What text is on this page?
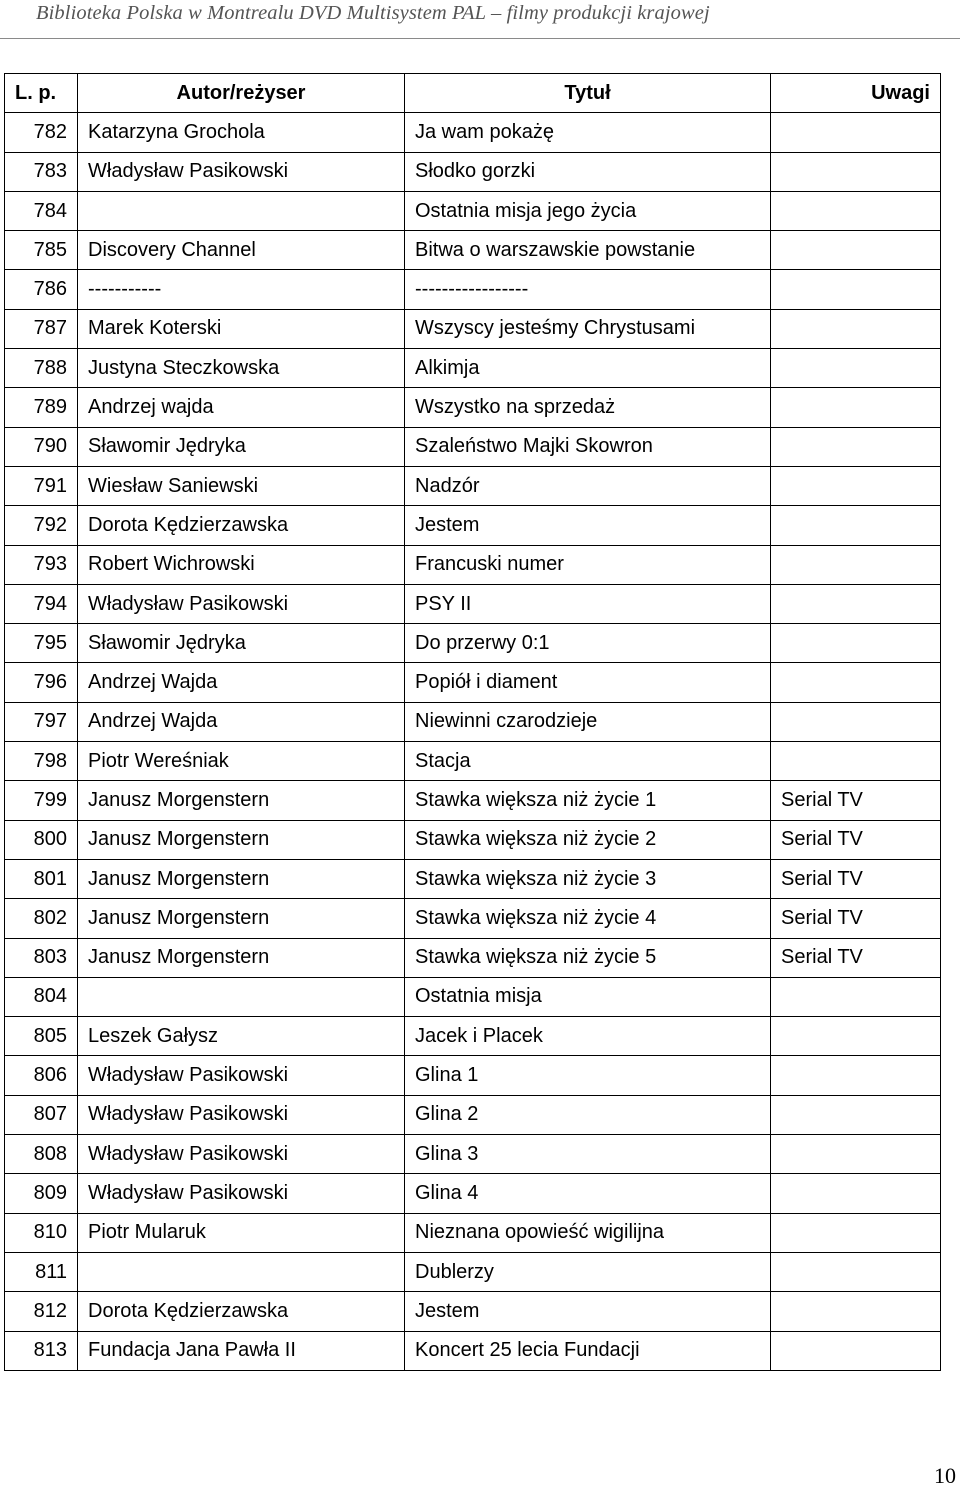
Biblioteka Polska w Montrealu DVD Multisystem PAL – filmy produkcji krajowej
L. p.	Autor/reżyser	Tytuł	Uwagi
782	Katarzyna Grochola	Ja wam pokażę	
783	Władysław Pasikowski	Słodko gorzki	
784		Ostatnia misja jego życia	
785	Discovery Channel	Bitwa o warszawskie powstanie	
786	-----------	-----------------	
787	Marek Koterski	Wszyscy jesteśmy Chrystusami	
788	Justyna Steczkowska	Alkimja	
789	Andrzej wajda	Wszystko na sprzedaż	
790	Sławomir Jędryka	Szaleństwo Majki Skowron	
791	Wiesław Saniewski	Nadzór	
792	Dorota Kędzierzawska	Jestem	
793	Robert Wichrowski	Francuski numer	
794	Władysław Pasikowski	PSY II	
795	Sławomir Jędryka	Do przerwy 0:1	
796	Andrzej Wajda	Popiół i diament	
797	Andrzej Wajda	Niewinni czarodzieje	
798	Piotr Wereśniak	Stacja	
799	Janusz Morgenstern	Stawka większa niż życie 1	Serial TV
800	Janusz Morgenstern	Stawka większa niż życie 2	Serial TV
801	Janusz Morgenstern	Stawka większa niż życie 3	Serial TV
802	Janusz Morgenstern	Stawka większa niż życie 4	Serial TV
803	Janusz Morgenstern	Stawka większa niż życie 5	Serial TV
804		Ostatnia misja	
805	Leszek Gałysz	Jacek i Placek	
806	Władysław Pasikowski	Glina 1	
807	Władysław Pasikowski	Glina 2	
808	Władysław Pasikowski	Glina 3	
809	Władysław Pasikowski	Glina 4	
810	Piotr Mularuk	Nieznana opowieść wigilijna	
811		Dublerzy	
812	Dorota Kędzierzawska	Jestem	
813	Fundacja Jana Pawła II	Koncert 25 lecia Fundacji	
10
